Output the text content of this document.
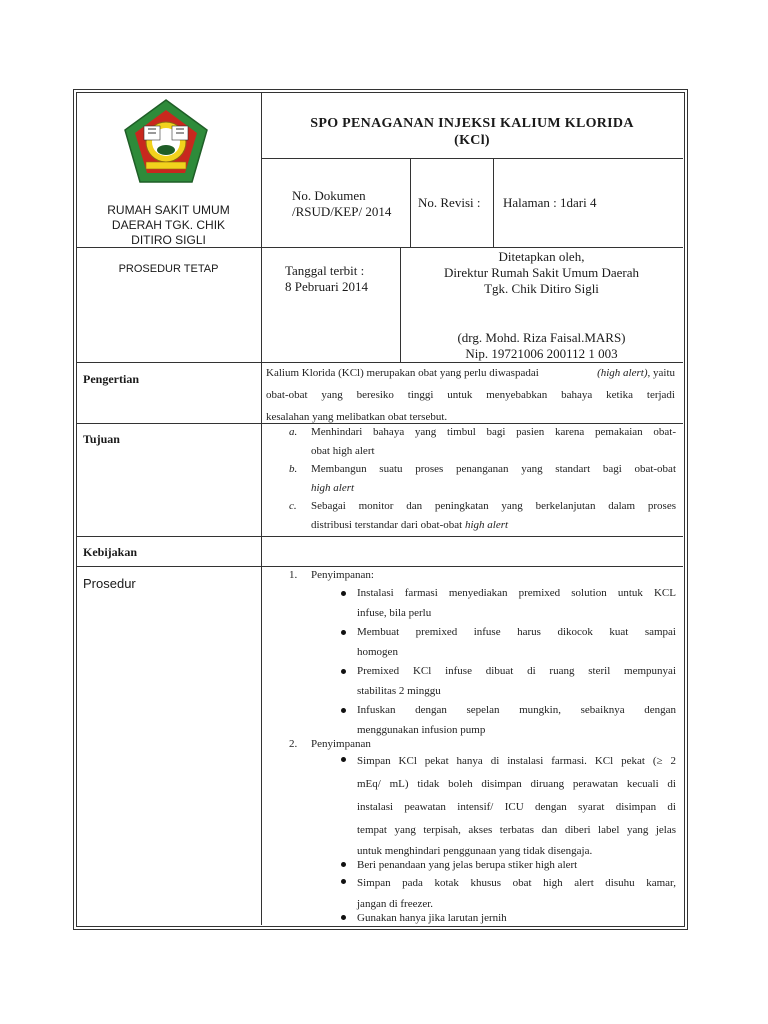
RUMAH SAKIT UMUM
DAERAH TGK. CHIK
DITIRO SIGLI
SPO PENAGANAN INJEKSI KALIUM KLORIDA
(KCl)
No. Dokumen
/RSUD/KEP/ 2014
No. Revisi : Halaman : 1dari 4
PROSEDUR TETAP	Tanggal terbit :
8 Pebruari 2014
Ditetapkan oleh,
Direktur Rumah Sakit Umum Daerah
Tgk. Chik Ditiro Sigli
(drg. Mohd. Riza Faisal.MARS)
Nip. 19721006 200112 1 003
Pengertian
Tujuan
Kebijakan
Prosedur
Kalium Klorida (KCl) merupakan obat yang perlu diwaspadai	(high alert), yaitu
obat-obat yang beresiko tinggi untuk menyebabkan bahaya ketika terjadi
kesalahan yang melibatkan obat tersebut.
a. Menhindari bahaya yang timbul bagi pasien karena pemakaian obat-
obat high alert
b. Membangun suatu proses penanganan yang standart bagi obat-obat
high alert
c. Sebagai monitor dan peningkatan yang berkelanjutan dalam proses
distribusi terstandar dari obat-obat high alert
1. Penyimpanan:
Instalasi farmasi menyediakan premixed solution untuk KCL
infuse, bila perlu
Membuat premixed infuse harus dikocok kuat sampai
homogen
Premixed KCl infuse dibuat di ruang steril mempunyai
stabilitas 2 minggu
Infuskan dengan sepelan mungkin, sebaiknya dengan
menggunakan infusion pump
2. Penyimpanan
Simpan KCl pekat hanya di instalasi farmasi. KCl pekat (≥ 2
mEq/ mL) tidak boleh disimpan diruang perawatan kecuali di
instalasi peawatan intensif/ ICU dengan syarat disimpan di
tempat yang terpisah, akses terbatas dan diberi label yang jelas
untuk menghindari penggunaan yang tidak disengaja.
Beri penandaan yang jelas berupa stiker high alert
Simpan pada kotak khusus obat high alert disuhu kamar,
jangan di freezer.
Gunakan hanya jika larutan jernih
